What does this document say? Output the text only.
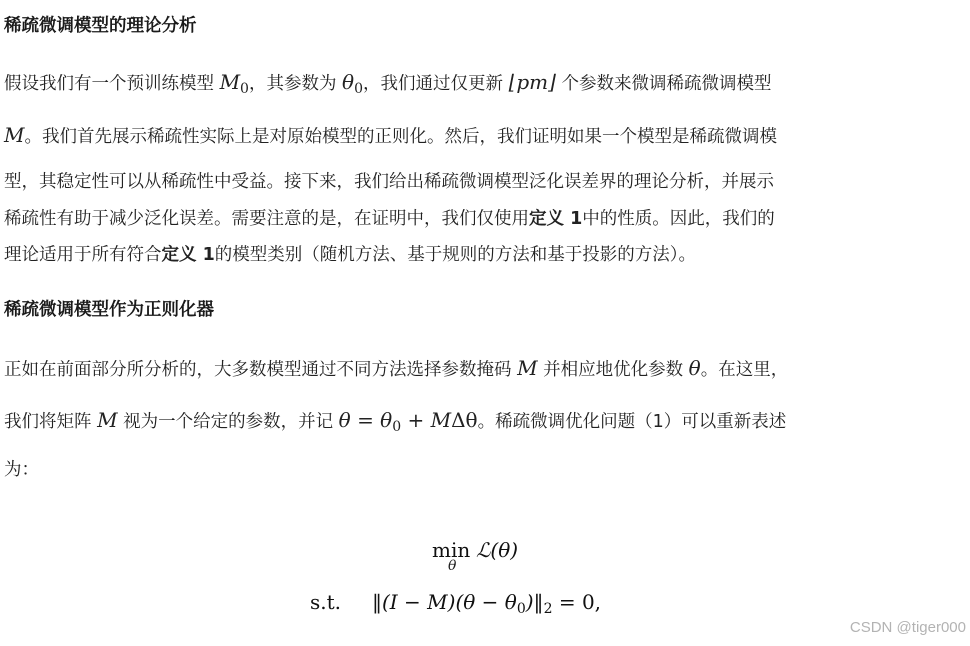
稀疏微调模型的理论分析
假设我们有一个预训练模型 $M_0$，其参数为 $\theta_0$，我们通过仅更新 ⌊pm⌋ 个参数来微调稀疏微调模型
M。我们首先展示稀疏性实际上是对原始模型的正则化。然后，我们证明如果一个模型是稀疏微调模
型，其稳定性可以从稀疏性中受益。接下来，我们给出稀疏微调模型泛化误差界的理论分析，并展示
稀疏性有助于减少泛化误差。需要注意的是，在证明中，我们仅使用定义 1中的性质。因此，我们的
理论适用于所有符合定义 1的模型类别（随机方法、基于规则的方法和基于投影的方法）。
稀疏微调模型作为正则化器
正如在前面部分所分析的，大多数模型通过不同方法选择参数掩码 M 并相应地优化参数 θ。在这里，
我们将矩阵 M 视为一个给定的参数，并记 $\theta = \theta_0 + M\Delta\theta$。稀疏微调优化问题（1）可以重新表述
为：
min
θ
ℒ(θ)
s.t. ‖(I − $M)(\theta - \theta_0)‖_2 = 0$,
CSDN @tiger000
